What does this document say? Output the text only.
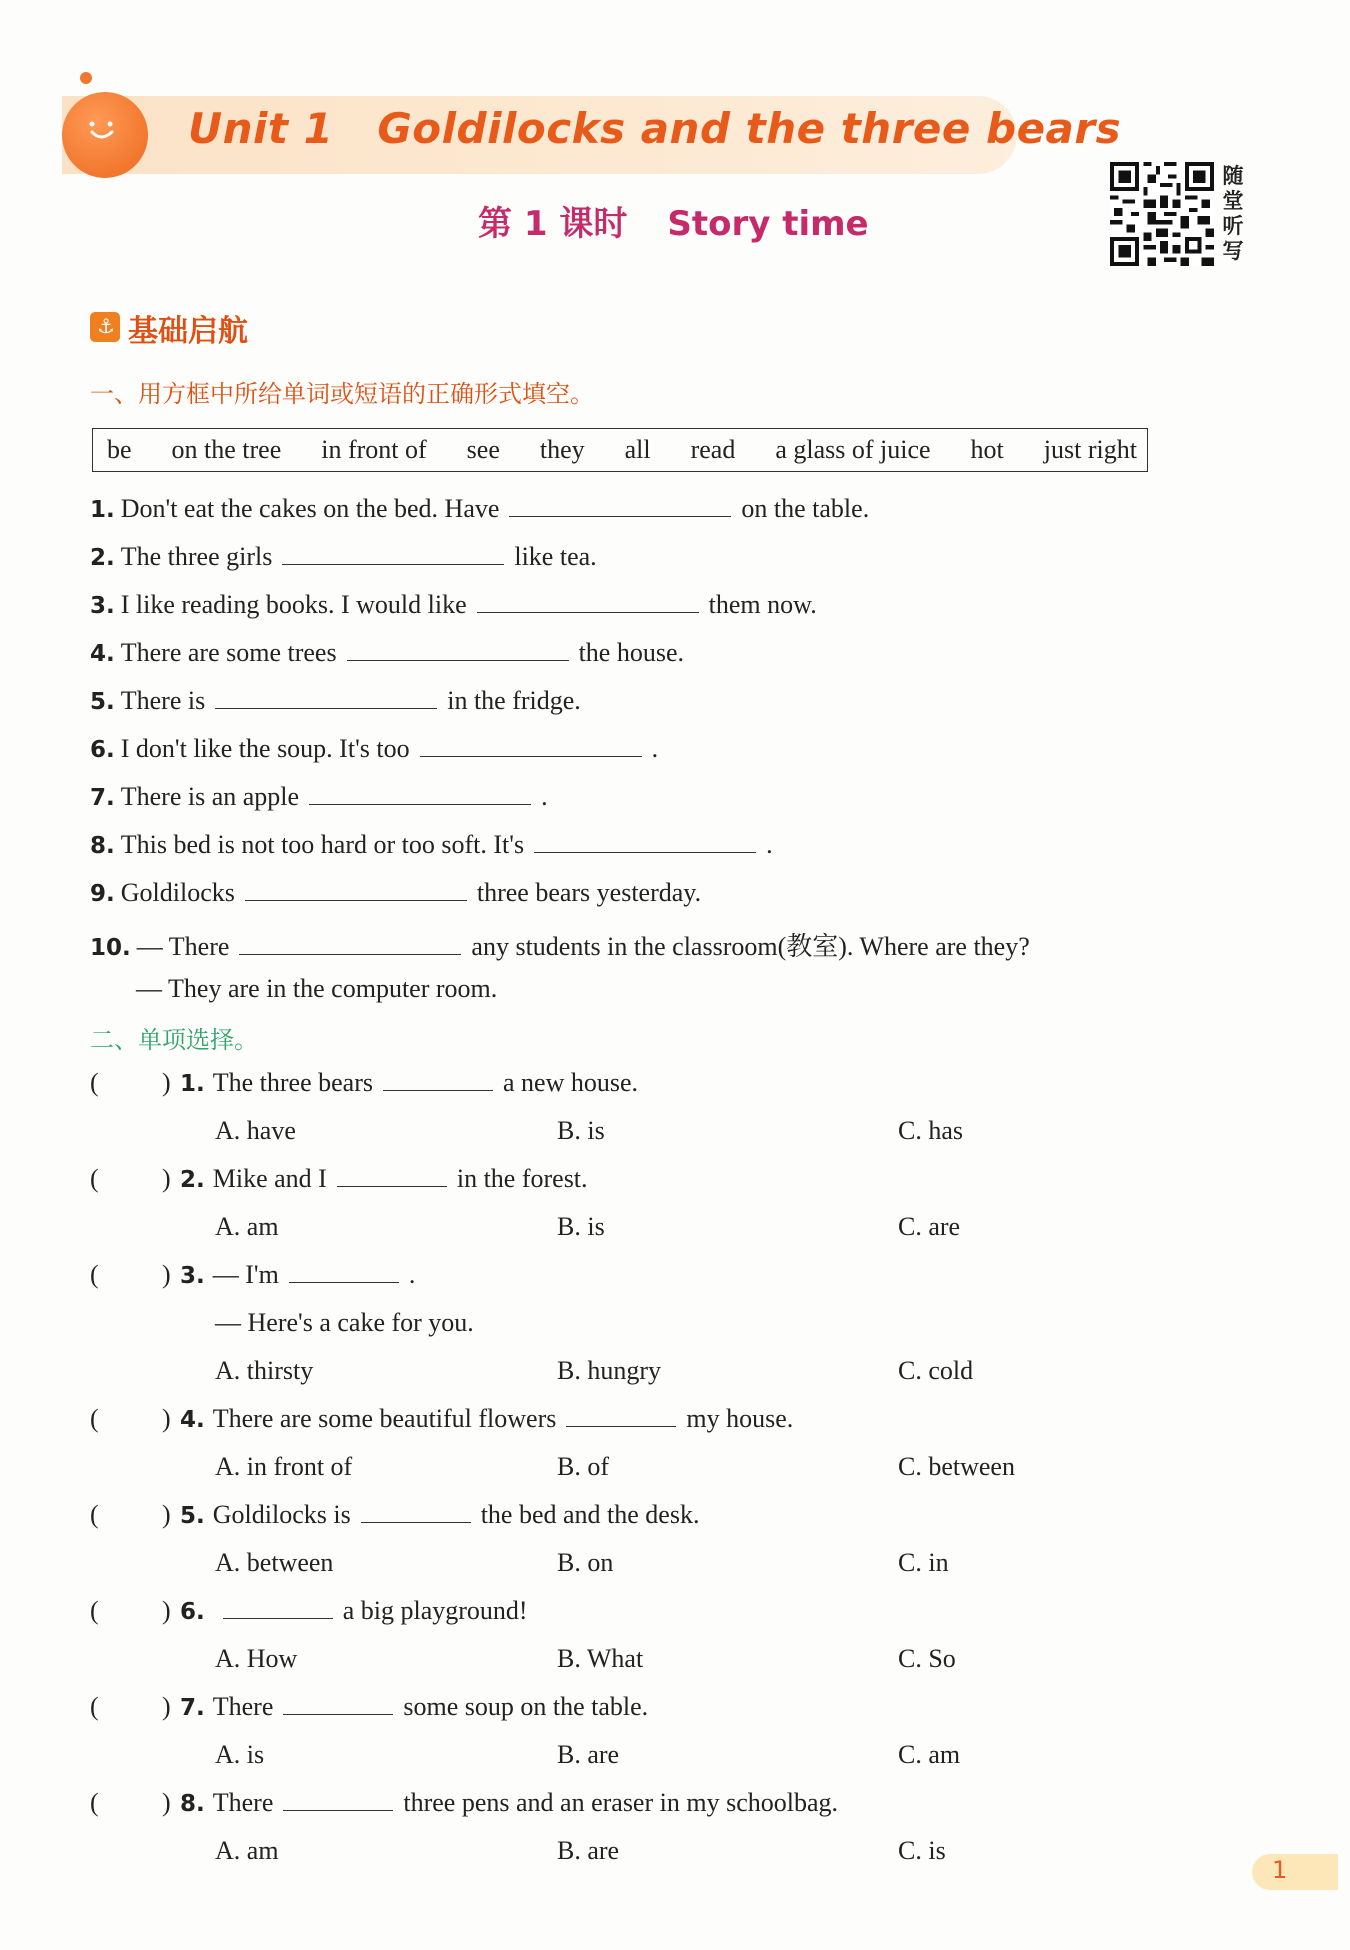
Unit 1 Goldilocks and the three bears
第 1 课时 Story time
随
堂
听
写
⚓ 基础启航
一、用方框中所给单词或短语的正确形式填空。
be on the tree in front of see they all read a glass of juice hot just right
1. Don't eat the cakes on the bed. Have	on the table.
2. The three girls	like tea.
3. I like reading books. I would like	them now.
4. There are some trees	the house.
5. There is	in the fridge.
6. I don't like the soup. It's too	.
7. There is an apple	.
8. This bed is not too hard or too soft. It's	.
9. Goldilocks	three bears yesterday.
10. — There	any students in the classroom(教室). Where are they?
— They are in the computer room.
二、单项选择。
( ) 1. The three bears	a new house.
A. have	B. is	C. has
( ) 2. Mike and I	in the forest.
A. am	B. is	C. are
( ) 3. — I'm	.
— Here's a cake for you.
A. thirsty	B. hungry	C. cold
( ) 4. There are some beautiful flowers	my house.
A. in front of	B. of	C. between
( ) 5. Goldilocks is	the bed and the desk.
A. between	B. on	C. in
( ) 6.	a big playground!
A. How	B. What	C. So
( ) 7. There	some soup on the table.
A. is	B. are	C. am
( ) 8. There	three pens and an eraser in my schoolbag.
A. am	B. are	C. is
1
